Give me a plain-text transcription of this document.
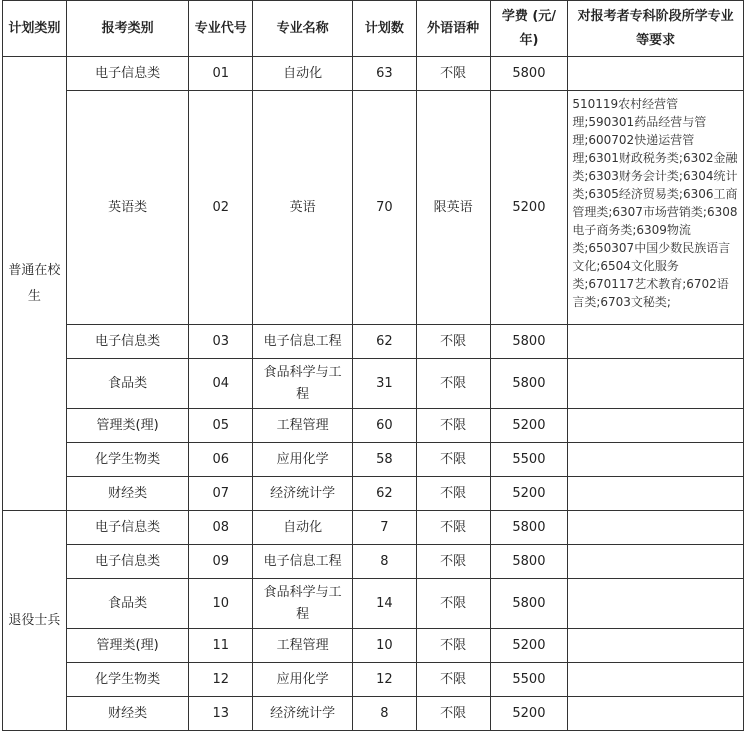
计划类别	报考类别	专业代号	专业名称	计划数	外语语种	学费 (元/年)	对报考者专科阶段所学专业等要求
普通在校生	电子信息类	01	自动化	63	不限	5800	
	英语类	02	英语	70	限英语	5200	510119农村经营管理;590301药品经营与管理;600702快递运营管理;6301财政税务类;6302金融类;6303财务会计类;6304统计类;6305经济贸易类;6306工商管理类;6307市场营销类;6308电子商务类;6309物流类;650307中国少数民族语言文化;6504文化服务类;670117艺术教育;6702语言类;6703文秘类;
	电子信息类	03	电子信息工程	62	不限	5800	
	食品类	04	食品科学与工程	31	不限	5800	
	管理类(理)	05	工程管理	60	不限	5200	
	化学生物类	06	应用化学	58	不限	5500	
	财经类	07	经济统计学	62	不限	5200	
退役士兵	电子信息类	08	自动化	7	不限	5800	
	电子信息类	09	电子信息工程	8	不限	5800	
	食品类	10	食品科学与工程	14	不限	5800	
	管理类(理)	11	工程管理	10	不限	5200	
	化学生物类	12	应用化学	12	不限	5500	
	财经类	13	经济统计学	8	不限	5200	
